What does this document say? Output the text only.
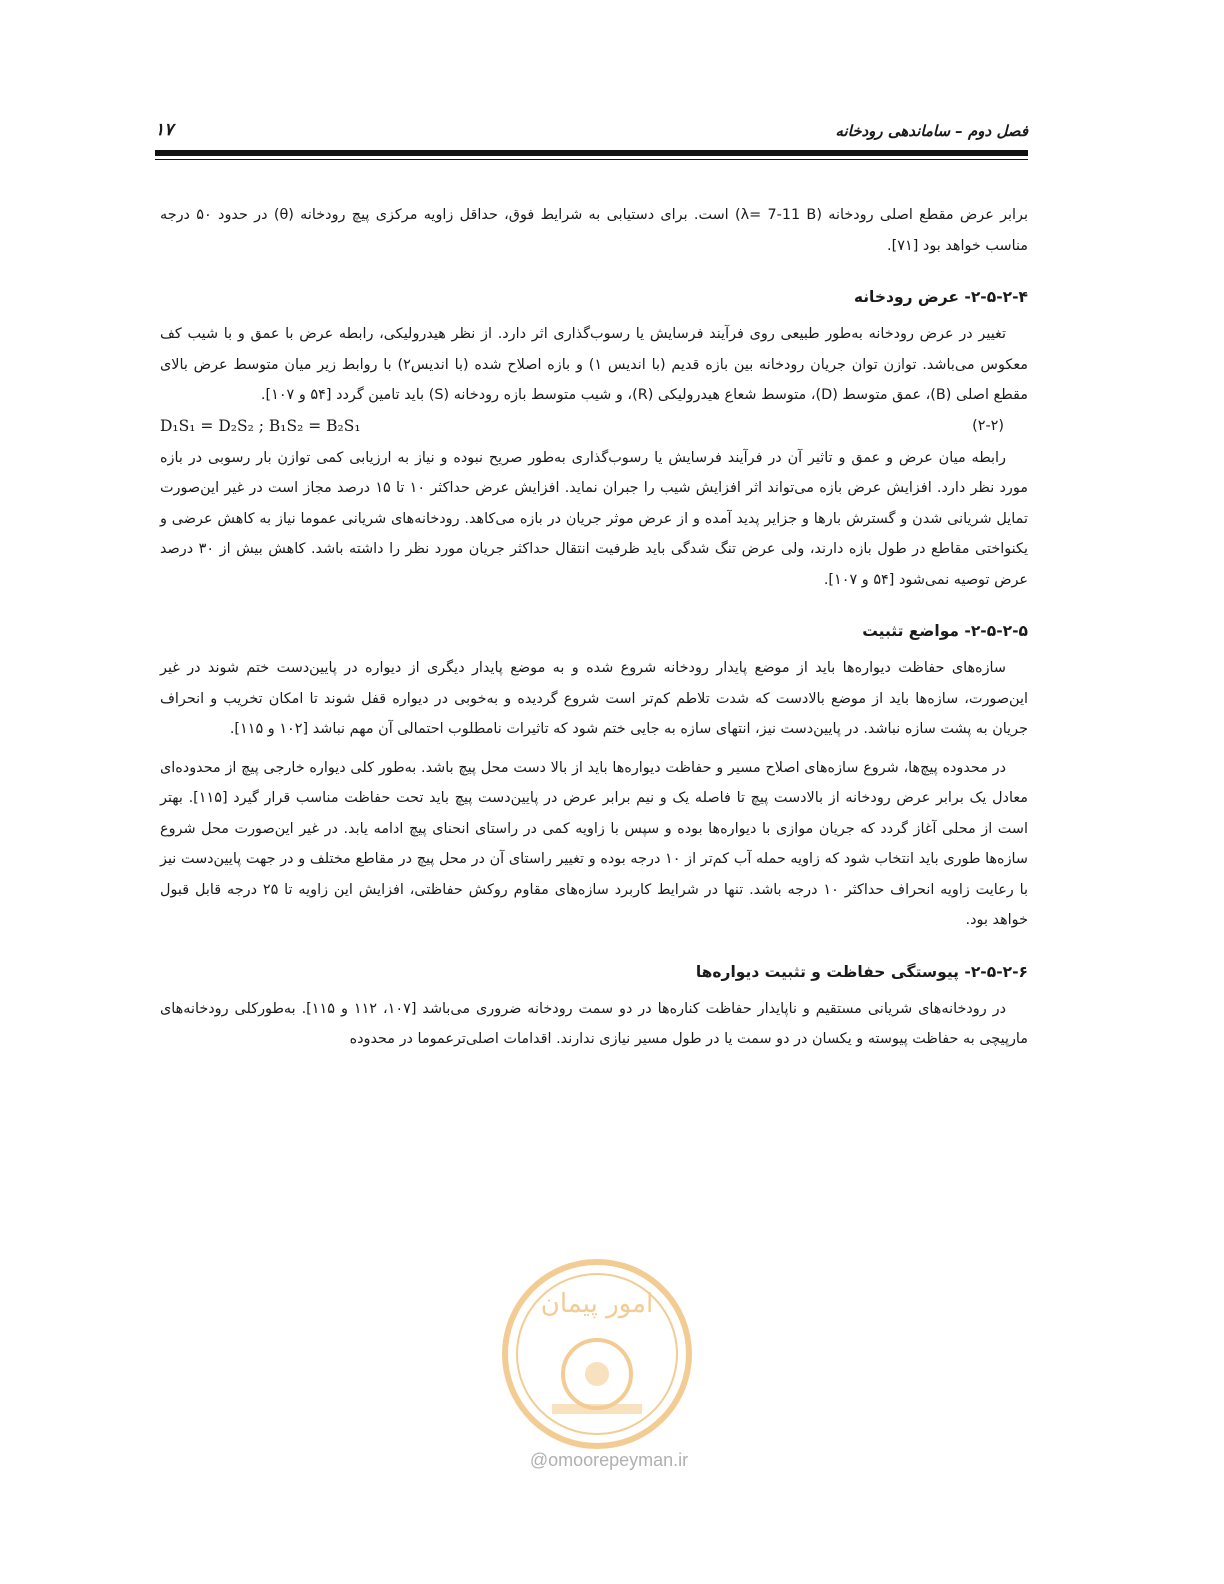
فصل دوم – ساماندهی رودخانه
۱۷

برابر عرض مقطع اصلی رودخانه (λ= 7-11 B) است. برای دستیابی به شرایط فوق، حداقل زاویه مرکزی پیچ رودخانه (θ) در حدود ۵۰ درجه مناسب خواهد بود [۷۱].

۲-۵-۲-۴- عرض رودخانه

تغییر در عرض رودخانه به‌طور طبیعی روی فرآیند فرسایش یا رسوب‌گذاری اثر دارد. از نظر هیدرولیکی، رابطه عرض با عمق و با شیب کف معکوس می‌باشد. توازن توان جریان رودخانه بین بازه قدیم (با اندیس ۱) و بازه اصلاح شده (با اندیس۲) با روابط زیر میان متوسط عرض بالای مقطع اصلی (B)، عمق متوسط (D)، متوسط شعاع هیدرولیکی (R)، و شیب متوسط بازه رودخانه (S) باید تامین گردد [۵۴ و ۱۰۷].

D₁S₁ = D₂S₂ ; B₁S₂ = B₂S₁	(۲-۲)

رابطه میان عرض و عمق و تاثیر آن در فرآیند فرسایش یا رسوب‌گذاری به‌طور صریح نبوده و نیاز به ارزیابی کمی توازن بار رسوبی در بازه مورد نظر دارد. افزایش عرض بازه می‌تواند اثر افزایش شیب را جبران نماید. افزایش عرض حداکثر ۱۰ تا ۱۵ درصد مجاز است در غیر این‌صورت تمایل شریانی شدن و گسترش بارها و جزایر پدید آمده و از عرض موثر جریان در بازه می‌کاهد. رودخانه‌های شریانی عموما نیاز به کاهش عرضی و یکنواختی مقاطع در طول بازه دارند، ولی عرض تنگ شدگی باید ظرفیت انتقال حداکثر جریان مورد نظر را داشته باشد. کاهش بیش از ۳۰ درصد عرض توصیه نمی‌شود [۵۴ و ۱۰۷].

۲-۵-۲-۵- مواضع تثبیت

سازه‌های حفاظت دیواره‌ها باید از موضع پایدار رودخانه شروع شده و به موضع پایدار دیگری از دیواره در پایین‌دست ختم شوند در غیر این‌صورت، سازه‌ها باید از موضع بالادست که شدت تلاطم کم‌تر است شروع گردیده و به‌خوبی در دیواره قفل شوند تا امکان تخریب و انحراف جریان به پشت سازه نباشد. در پایین‌دست نیز، انتهای سازه به جایی ختم شود که تاثیرات نامطلوب احتمالی آن مهم نباشد [۱۰۲ و ۱۱۵].

در محدوده پیچ‌ها، شروع سازه‌های اصلاح مسیر و حفاظت دیواره‌ها باید از بالا دست محل پیچ باشد. به‌طور کلی دیواره خارجی پیچ از محدوده‌ای معادل یک برابر عرض رودخانه از بالادست پیچ تا فاصله یک و نیم برابر عرض در پایین‌دست پیچ باید تحت حفاظت مناسب قرار گیرد [۱۱۵]. بهتر است از محلی آغاز گردد که جریان موازی با دیواره‌ها بوده و سپس با زاویه کمی در راستای انحنای پیچ ادامه یابد. در غیر این‌صورت محل شروع سازه‌ها طوری باید انتخاب شود که زاویه حمله آب کم‌تر از ۱۰ درجه بوده و تغییر راستای آن در محل پیچ در مقاطع مختلف و در جهت پایین‌دست نیز با رعایت زاویه انحراف حداکثر ۱۰ درجه باشد. تنها در شرایط کاربرد سازه‌های مقاوم روکش حفاظتی، افزایش این زاویه تا ۲۵ درجه قابل قبول خواهد بود.

۲-۵-۲-۶- پیوستگی حفاظت و تثبیت دیواره‌ها

در رودخانه‌های شریانی مستقیم و ناپایدار حفاظت کناره‌ها در دو سمت رودخانه ضروری می‌باشد [۱۰۷، ۱۱۲ و ۱۱۵]. به‌طورکلی رودخانه‌های مارپیچی به حفاظت پیوسته و یکسان در دو سمت یا در طول مسیر نیازی ندارند. اقدامات اصلی‌ترعموما در محدوده

امور پیمان
@omoorepeyman.ir
